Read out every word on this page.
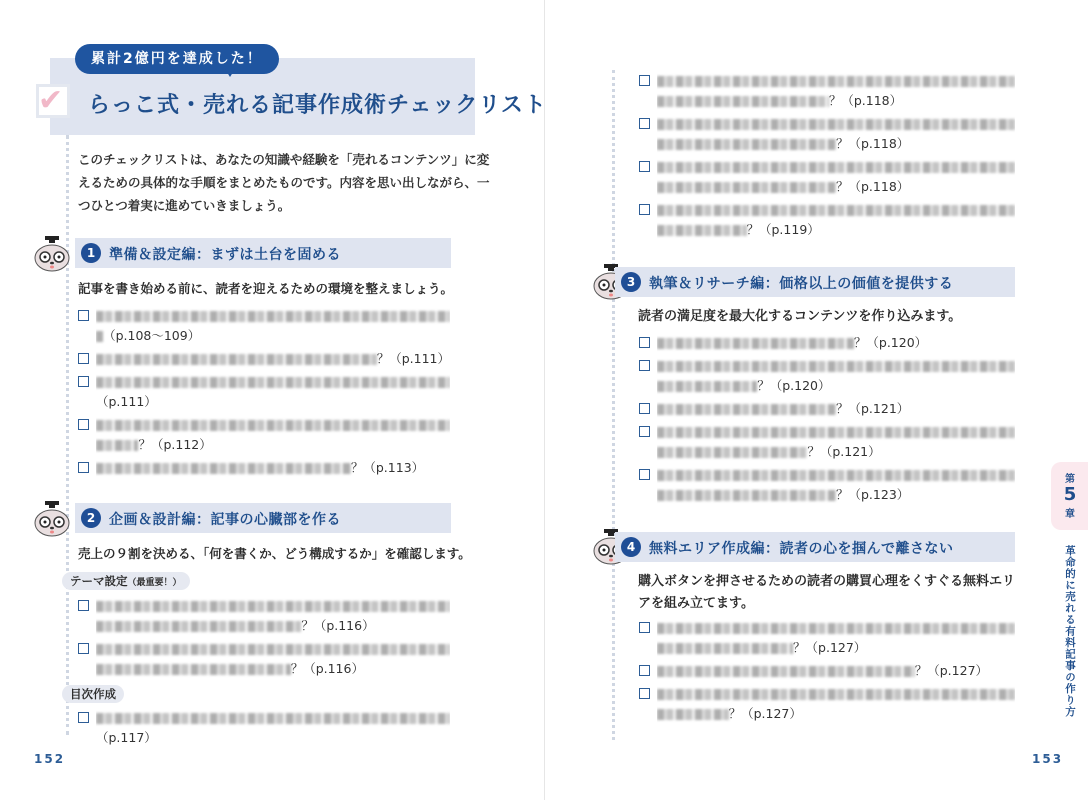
✔
累計2億円を達成した！
らっこ式・売れる記事作成術チェックリスト

このチェックリストは、あなたの知識や経験を「売れるコンテンツ」に変えるための具体的な手順をまとめたものです。内容を思い出しながら、一つひとつ着実に進めていきましょう。

1 準備＆設定編：まずは土台を固める

記事を書き始める前に、読者を迎えるための環境を整えましょう。

（p.108〜109）
？（p.111）
（p.111）
？（p.112）
？（p.113）
2 企画＆設計編：記事の心臓部を作る

売上の９割を決める、「何を書くか、どう構成するか」を確認します。

テーマ設定（最重要！）
？（p.116）
？（p.116）
目次作成
（p.117）
152
？（p.118）
？（p.118）
？（p.118）
？（p.119）
3 執筆＆リサーチ編：価格以上の価値を提供する

読者の満足度を最大化するコンテンツを作り込みます。

？（p.120）
？（p.120）
？（p.121）
？（p.121）
？（p.123）
4 無料エリア作成編：読者の心を掴んで離さない

購入ボタンを押させるための読者の購買心理をくすぐる無料エリアを組み立てます。

？（p.127）
？（p.127）
？（p.127）
第
5
章
革命的に売れる有料記事の作り方
153
